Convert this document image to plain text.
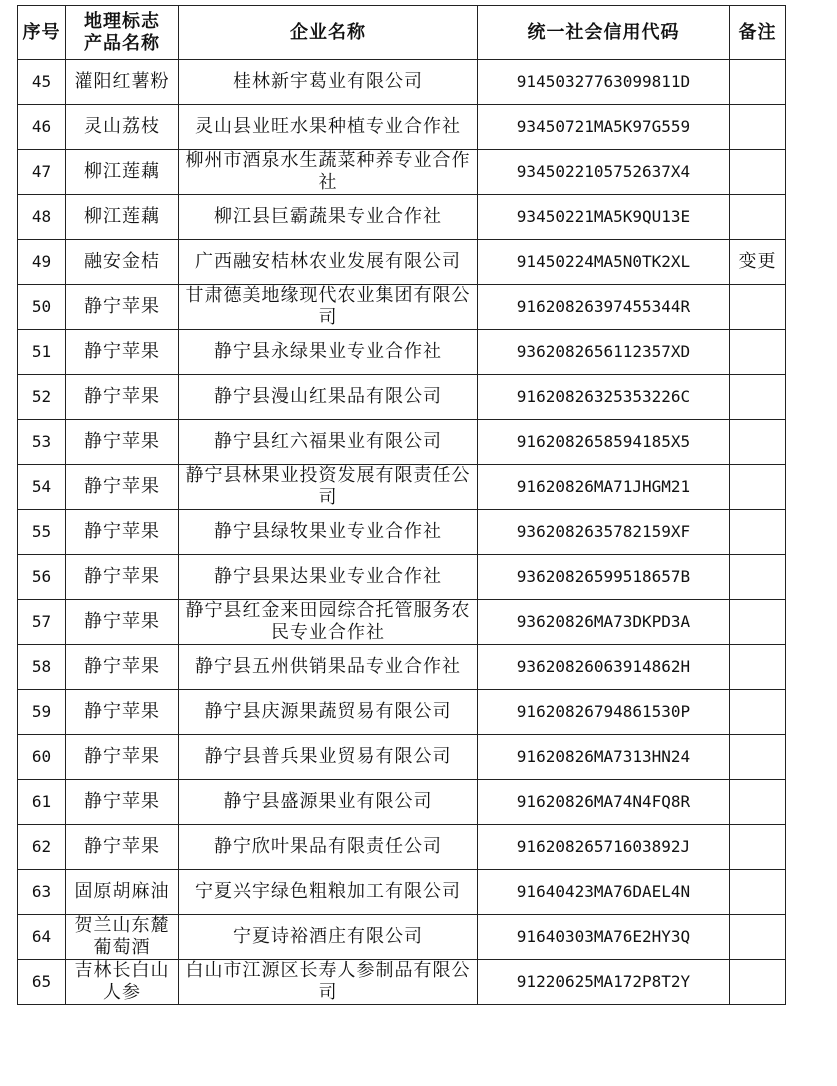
序号	地理标志产品名称	企业名称	统一社会信用代码	备注
45	灌阳红薯粉	桂林新宇葛业有限公司	91450327763099811D	
46	灵山荔枝	灵山县业旺水果种植专业合作社	93450721MA5K97G559	
47	柳江莲藕	柳州市酒泉水生蔬菜种养专业合作社	9345022105752637X4	
48	柳江莲藕	柳江县巨霸蔬果专业合作社	93450221MA5K9QU13E	
49	融安金桔	广西融安桔林农业发展有限公司	91450224MA5N0TK2XL	变更
50	静宁苹果	甘肃德美地缘现代农业集团有限公司	91620826397455344R	
51	静宁苹果	静宁县永绿果业专业合作社	9362082656112357XD	
52	静宁苹果	静宁县漫山红果品有限公司	91620826325353226C	
53	静宁苹果	静宁县红六福果业有限公司	9162082658594185X5	
54	静宁苹果	静宁县林果业投资发展有限责任公司	91620826MA71JHGM21	
55	静宁苹果	静宁县绿牧果业专业合作社	9362082635782159XF	
56	静宁苹果	静宁县果达果业专业合作社	93620826599518657B	
57	静宁苹果	静宁县红金来田园综合托管服务农民专业合作社	93620826MA73DKPD3A	
58	静宁苹果	静宁县五州供销果品专业合作社	93620826063914862H	
59	静宁苹果	静宁县庆源果蔬贸易有限公司	91620826794861530P	
60	静宁苹果	静宁县普兵果业贸易有限公司	91620826MA7313HN24	
61	静宁苹果	静宁县盛源果业有限公司	91620826MA74N4FQ8R	
62	静宁苹果	静宁欣叶果品有限责任公司	91620826571603892J	
63	固原胡麻油	宁夏兴宇绿色粗粮加工有限公司	91640423MA76DAEL4N	
64	贺兰山东麓葡萄酒	宁夏诗裕酒庄有限公司	91640303MA76E2HY3Q	
65	吉林长白山人参	白山市江源区长寿人参制品有限公司	91220625MA172P8T2Y	
